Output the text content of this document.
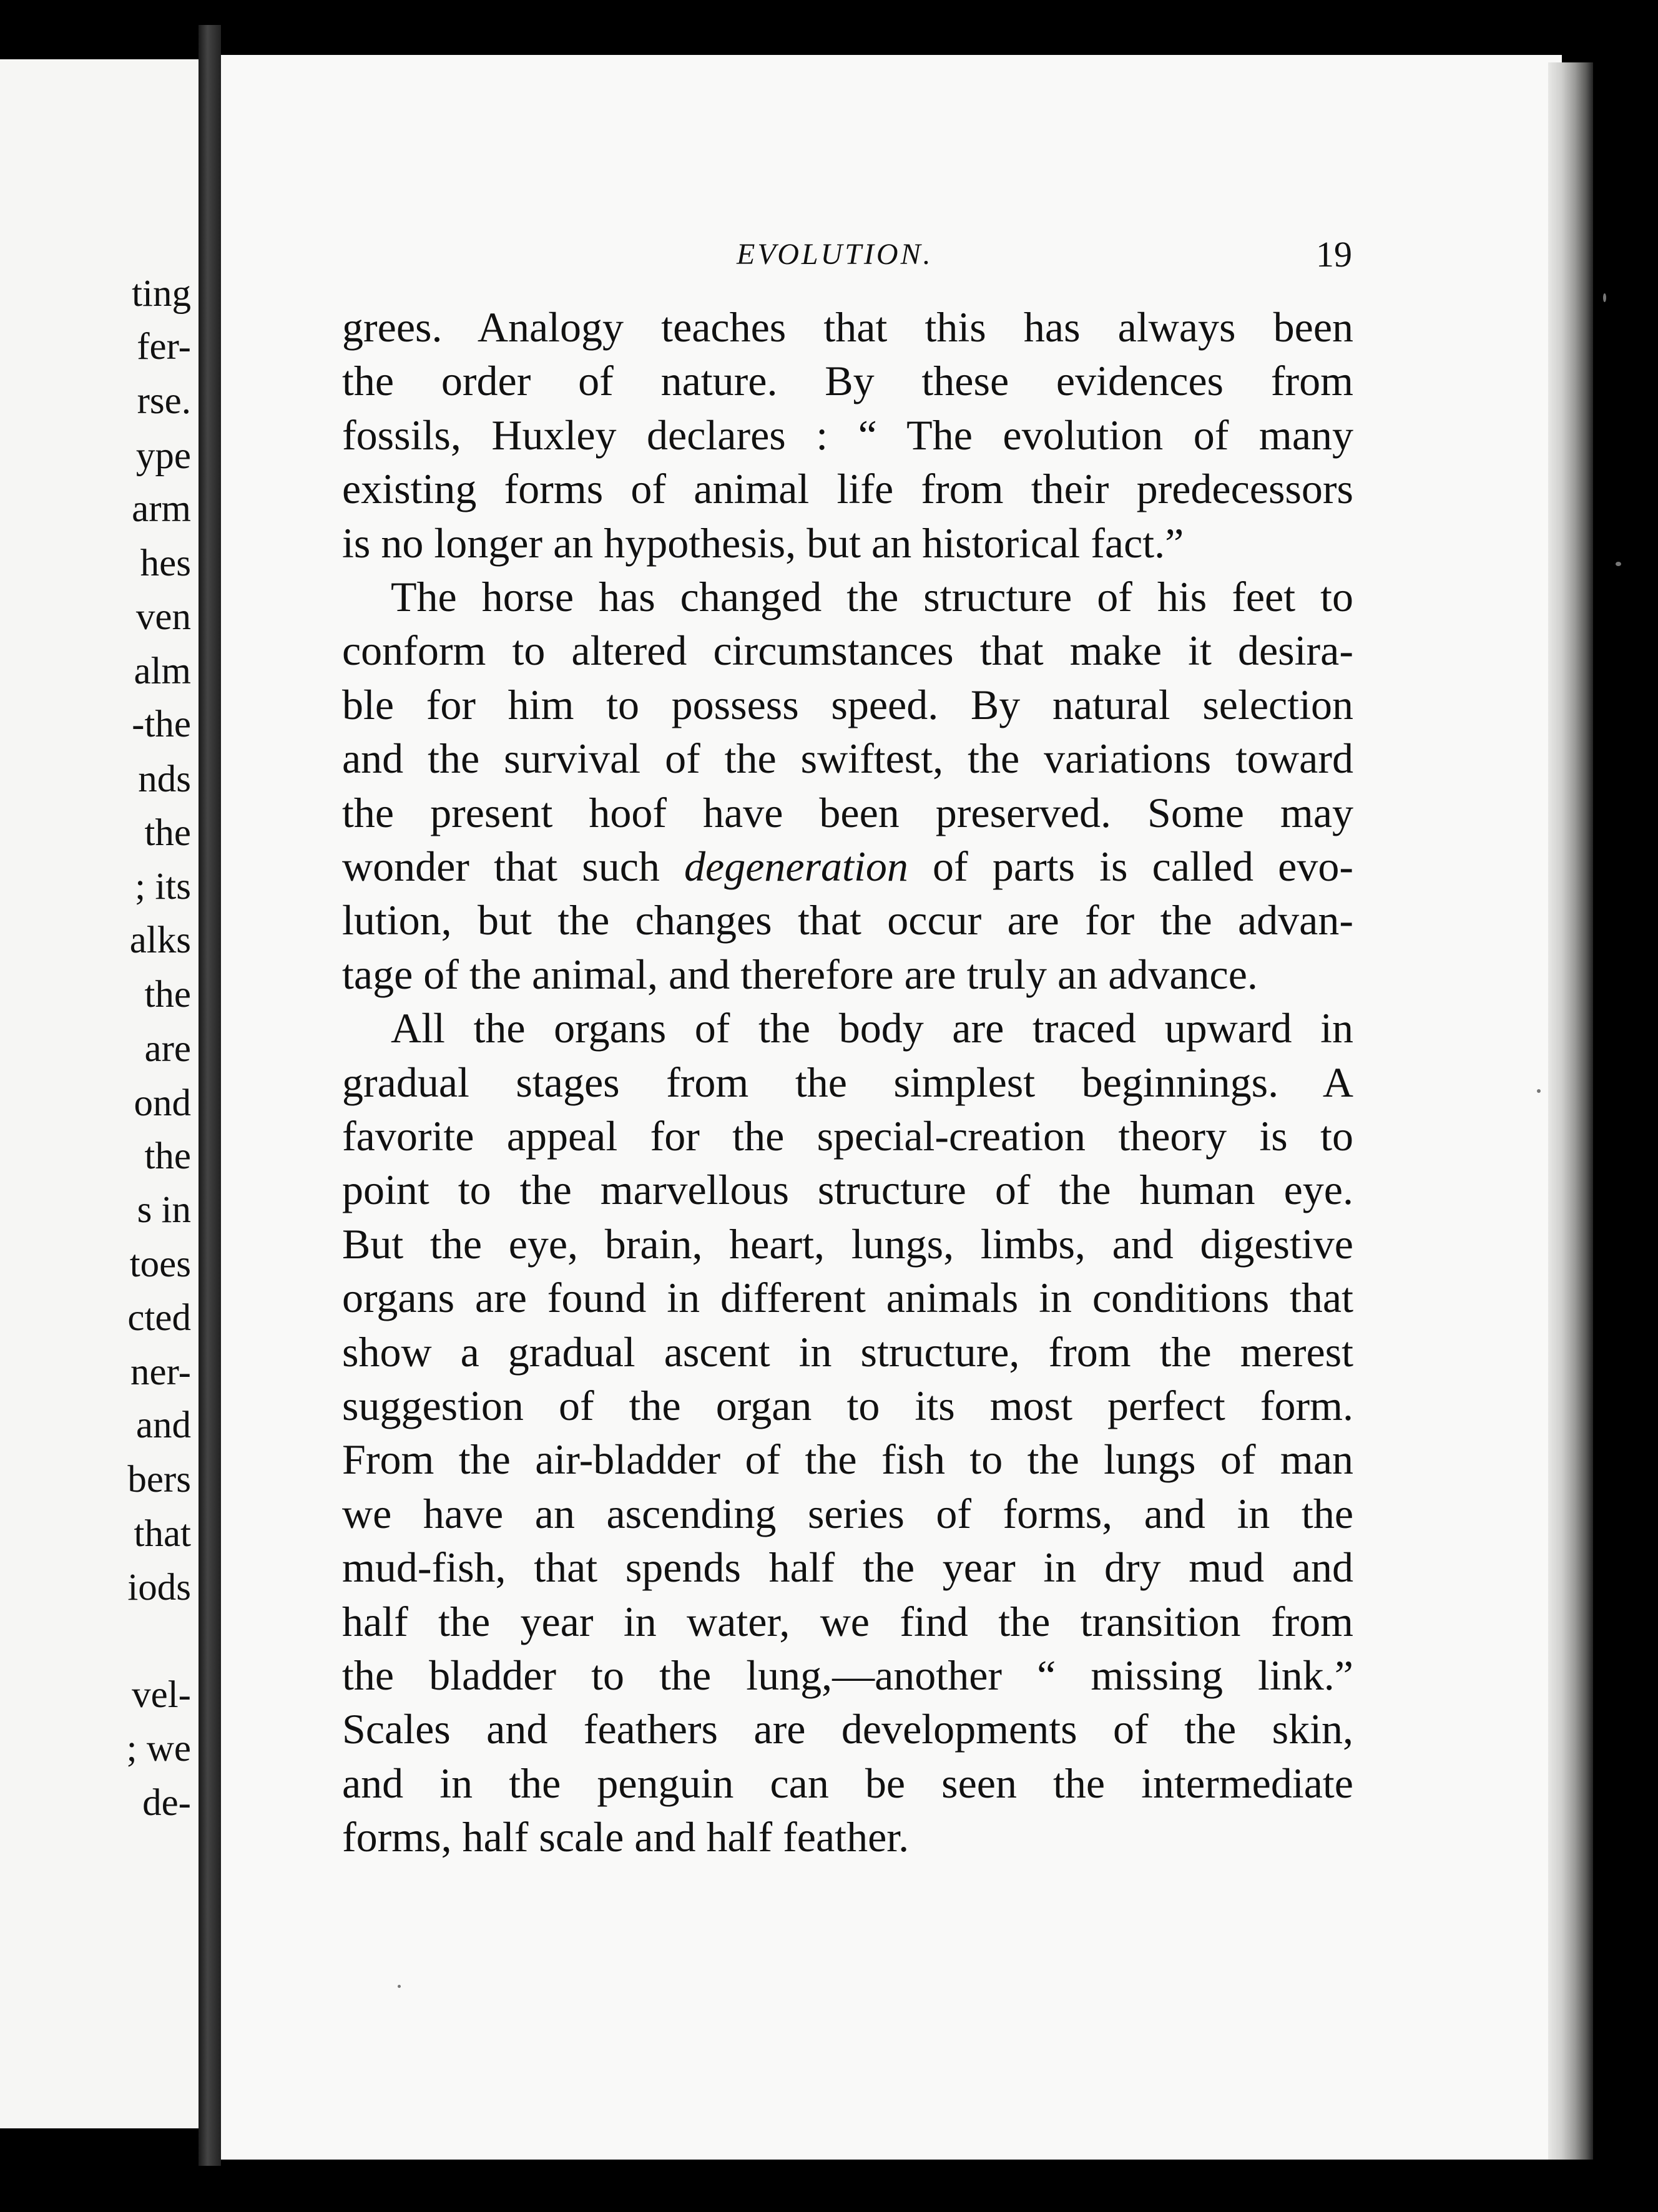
ting
fer-
rse.
ype
arm
hes
ven
alm
-the
nds
the
; its
alks
the
are
ond
the
s in
toes
cted
ner-
and
bers
that
iods
vel-
; we
de-
EVOLUTION.	19
grees. Analogy teaches that this has always been
the order of nature. By these evidences from
fossils, Huxley declares : “ The evolution of many
existing forms of animal life from their predecessors
is no longer an hypothesis, but an historical fact.”
The horse has changed the structure of his feet to
conform to altered circumstances that make it desira-
ble for him to possess speed. By natural selection
and the survival of the swiftest, the variations toward
the present hoof have been preserved. Some may
wonder that such degeneration of parts is called evo-
lution, but the changes that occur are for the advan-
tage of the animal, and therefore are truly an advance.
All the organs of the body are traced upward in
gradual stages from the simplest beginnings. A
favorite appeal for the special-creation theory is to
point to the marvellous structure of the human eye.
But the eye, brain, heart, lungs, limbs, and digestive
organs are found in different animals in conditions that
show a gradual ascent in structure, from the merest
suggestion of the organ to its most perfect form.
From the air-bladder of the fish to the lungs of man
we have an ascending series of forms, and in the
mud-fish, that spends half the year in dry mud and
half the year in water, we find the transition from
the bladder to the lung,—another “ missing link.”
Scales and feathers are developments of the skin,
and in the penguin can be seen the intermediate
forms, half scale and half feather.
